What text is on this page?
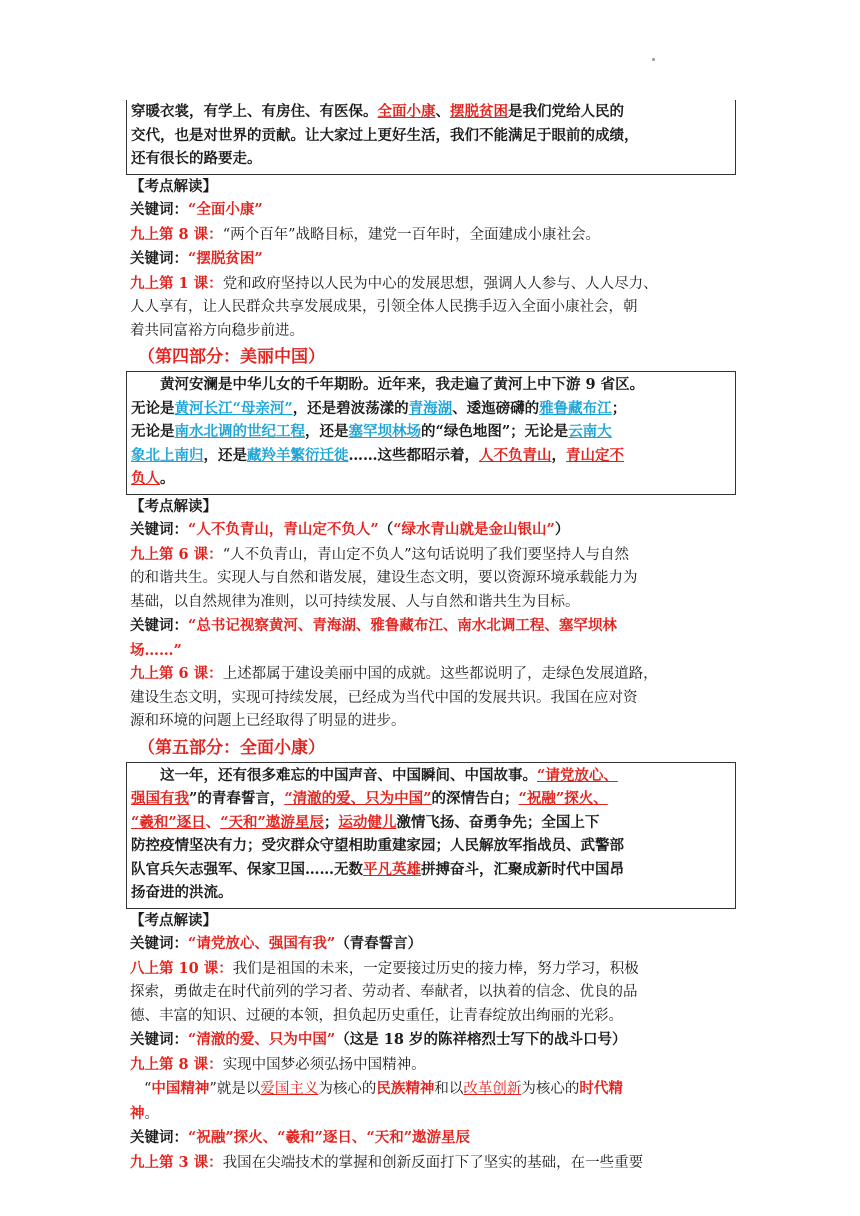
穿暖衣裳，有学上、有房住、有医保。全面小康、摆脱贫困是我们党给人民的
交代，也是对世界的贡献。让大家过上更好生活，我们不能满足于眼前的成绩，
还有很长的路要走。
【考点解读】
关键词：“全面小康”
九上第 8 课：“两个百年”战略目标，建党一百年时，全面建成小康社会。
关键词：“摆脱贫困”
九上第 1 课：党和政府坚持以人民为中心的发展思想，强调人人参与、人人尽力、
人人享有，让人民群众共享发展成果，引领全体人民携手迈入全面小康社会，朝
着共同富裕方向稳步前进。
（第四部分：美丽中国）
黄河安澜是中华儿女的千年期盼。近年来，我走遍了黄河上中下游 9 省区。
无论是黄河长江“母亲河”，还是碧波荡漾的青海湖、逶迤磅礴的雅鲁藏布江；
无论是南水北调的世纪工程，还是塞罕坝林场的“绿色地图”；无论是云南大
象北上南归，还是藏羚羊繁衍迁徙……这些都昭示着，人不负青山，青山定不
负人。
【考点解读】
关键词：“人不负青山，青山定不负人”（“绿水青山就是金山银山”）
九上第 6 课：“人不负青山，青山定不负人”这句话说明了我们要坚持人与自然
的和谐共生。实现人与自然和谐发展，建设生态文明，要以资源环境承载能力为
基础，以自然规律为准则，以可持续发展、人与自然和谐共生为目标。
关键词：“总书记视察黄河、青海湖、雅鲁藏布江、南水北调工程、塞罕坝林
场……”
九上第 6 课：上述都属于建设美丽中国的成就。这些都说明了，走绿色发展道路，
建设生态文明，实现可持续发展，已经成为当代中国的发展共识。我国在应对资
源和环境的问题上已经取得了明显的进步。
（第五部分：全面小康）
这一年，还有很多难忘的中国声音、中国瞬间、中国故事。“请党放心、
强国有我”的青春誓言，“清澈的爱、只为中国”的深情告白；“祝融”探火、
“羲和”逐日、“天和”遨游星辰；运动健儿激情飞扬、奋勇争先；全国上下
防控疫情坚决有力；受灾群众守望相助重建家园；人民解放军指战员、武警部
队官兵矢志强军、保家卫国……无数平凡英雄拼搏奋斗，汇聚成新时代中国昂
扬奋进的洪流。
【考点解读】
关键词：“请党放心、强国有我”（青春誓言）
八上第 10 课：我们是祖国的未来，一定要接过历史的接力棒，努力学习，积极
探索，勇做走在时代前列的学习者、劳动者、奉献者，以执着的信念、优良的品
德、丰富的知识、过硬的本领，担负起历史重任，让青春绽放出绚丽的光彩。
关键词：“清澈的爱、只为中国”（这是 18 岁的陈祥榕烈士写下的战斗口号）
九上第 8 课：实现中国梦必须弘扬中国精神。
“中国精神”就是以爱国主义为核心的民族精神和以改革创新为核心的时代精
神。
关键词：“祝融”探火、“羲和”逐日、“天和”遨游星辰
九上第 3 课：我国在尖端技术的掌握和创新反面打下了坚实的基础，在一些重要
